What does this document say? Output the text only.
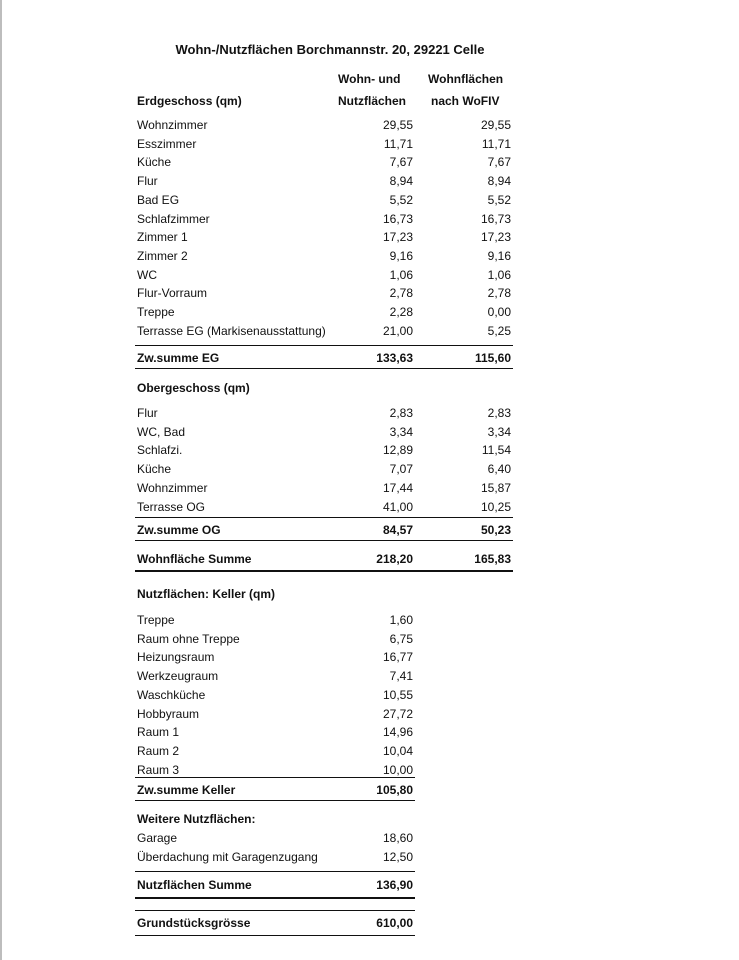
Wohn-/Nutzflächen Borchmannstr. 20, 29221 Celle
Wohn- und Wohnflächen
Nutzflächen nach WoFIV
Erdgeschoss (qm)
Wohnzimmer	29,55	29,55
Esszimmer	11,71	11,71
Küche	7,67	7,67
Flur	8,94	8,94
Bad EG	5,52	5,52
Schlafzimmer	16,73	16,73
Zimmer 1	17,23	17,23
Zimmer 2	9,16	9,16
WC	1,06	1,06
Flur-Vorraum	2,78	2,78
Treppe	2,28	0,00
Terrasse EG (Markisenausstattung)	21,00	5,25
Zw.summe EG	133,63	115,60
Obergeschoss (qm)
Flur	2,83	2,83
WC, Bad	3,34	3,34
Schlafzi.	12,89	11,54
Küche	7,07	6,40
Wohnzimmer	17,44	15,87
Terrasse OG	41,00	10,25
Zw.summe OG	84,57	50,23
Wohnfläche Summe	218,20	165,83
Nutzflächen: Keller (qm)
Treppe	1,60
Raum ohne Treppe	6,75
Heizungsraum	16,77
Werkzeugraum	7,41
Waschküche	10,55
Hobbyraum	27,72
Raum 1	14,96
Raum 2	10,04
Raum 3	10,00
Zw.summe Keller	105,80
Weitere Nutzflächen:
Garage	18,60
Überdachung mit Garagenzugang	12,50
Nutzflächen Summe	136,90
Grundstücksgrösse	610,00
